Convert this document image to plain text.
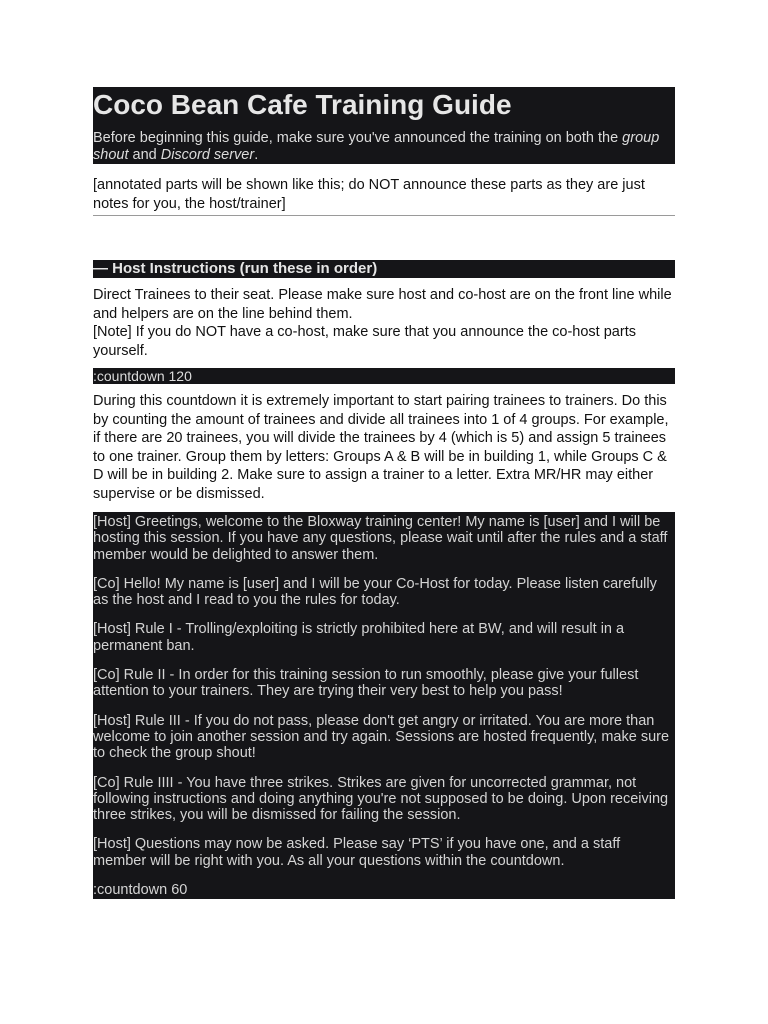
Coco Bean Cafe Training Guide

Before beginning this guide, make sure you've announced the training on both the group shout and Discord server.

[annotated parts will be shown like this; do NOT announce these parts as they are just notes for you, the host/trainer]

— Host Instructions (run these in order)

Direct Trainees to their seat. Please make sure host and co-host are on the front line while and helpers are on the line behind them.

[Note] If you do NOT have a co-host, make sure that you announce the co-host parts yourself.

:countdown 120

During this countdown it is extremely important to start pairing trainees to trainers. Do this by counting the amount of trainees and divide all trainees into 1 of 4 groups. For example, if there are 20 trainees, you will divide the trainees by 4 (which is 5) and assign 5 trainees to one trainer. Group them by letters: Groups A & B will be in building 1, while Groups C & D will be in building 2. Make sure to assign a trainer to a letter. Extra MR/HR may either supervise or be dismissed.

[Host] Greetings, welcome to the Bloxway training center! My name is [user] and I will be hosting this session. If you have any questions, please wait until after the rules and a staff member would be delighted to answer them.

[Co] Hello! My name is [user] and I will be your Co-Host for today. Please listen carefully as the host and I read to you the rules for today.

[Host] Rule I - Trolling/exploiting is strictly prohibited here at BW, and will result in a permanent ban.

[Co] Rule II - In order for this training session to run smoothly, please give your fullest attention to your trainers. They are trying their very best to help you pass!

[Host] Rule III - If you do not pass, please don't get angry or irritated. You are more than welcome to join another session and try again. Sessions are hosted frequently, make sure to check the group shout!

[Co] Rule IIII - You have three strikes. Strikes are given for uncorrected grammar, not following instructions and doing anything you're not supposed to be doing. Upon receiving three strikes, you will be dismissed for failing the session.

[Host] Questions may now be asked. Please say ‘PTS’ if you have one, and a staff member will be right with you. As all your questions within the countdown.

:countdown 60
